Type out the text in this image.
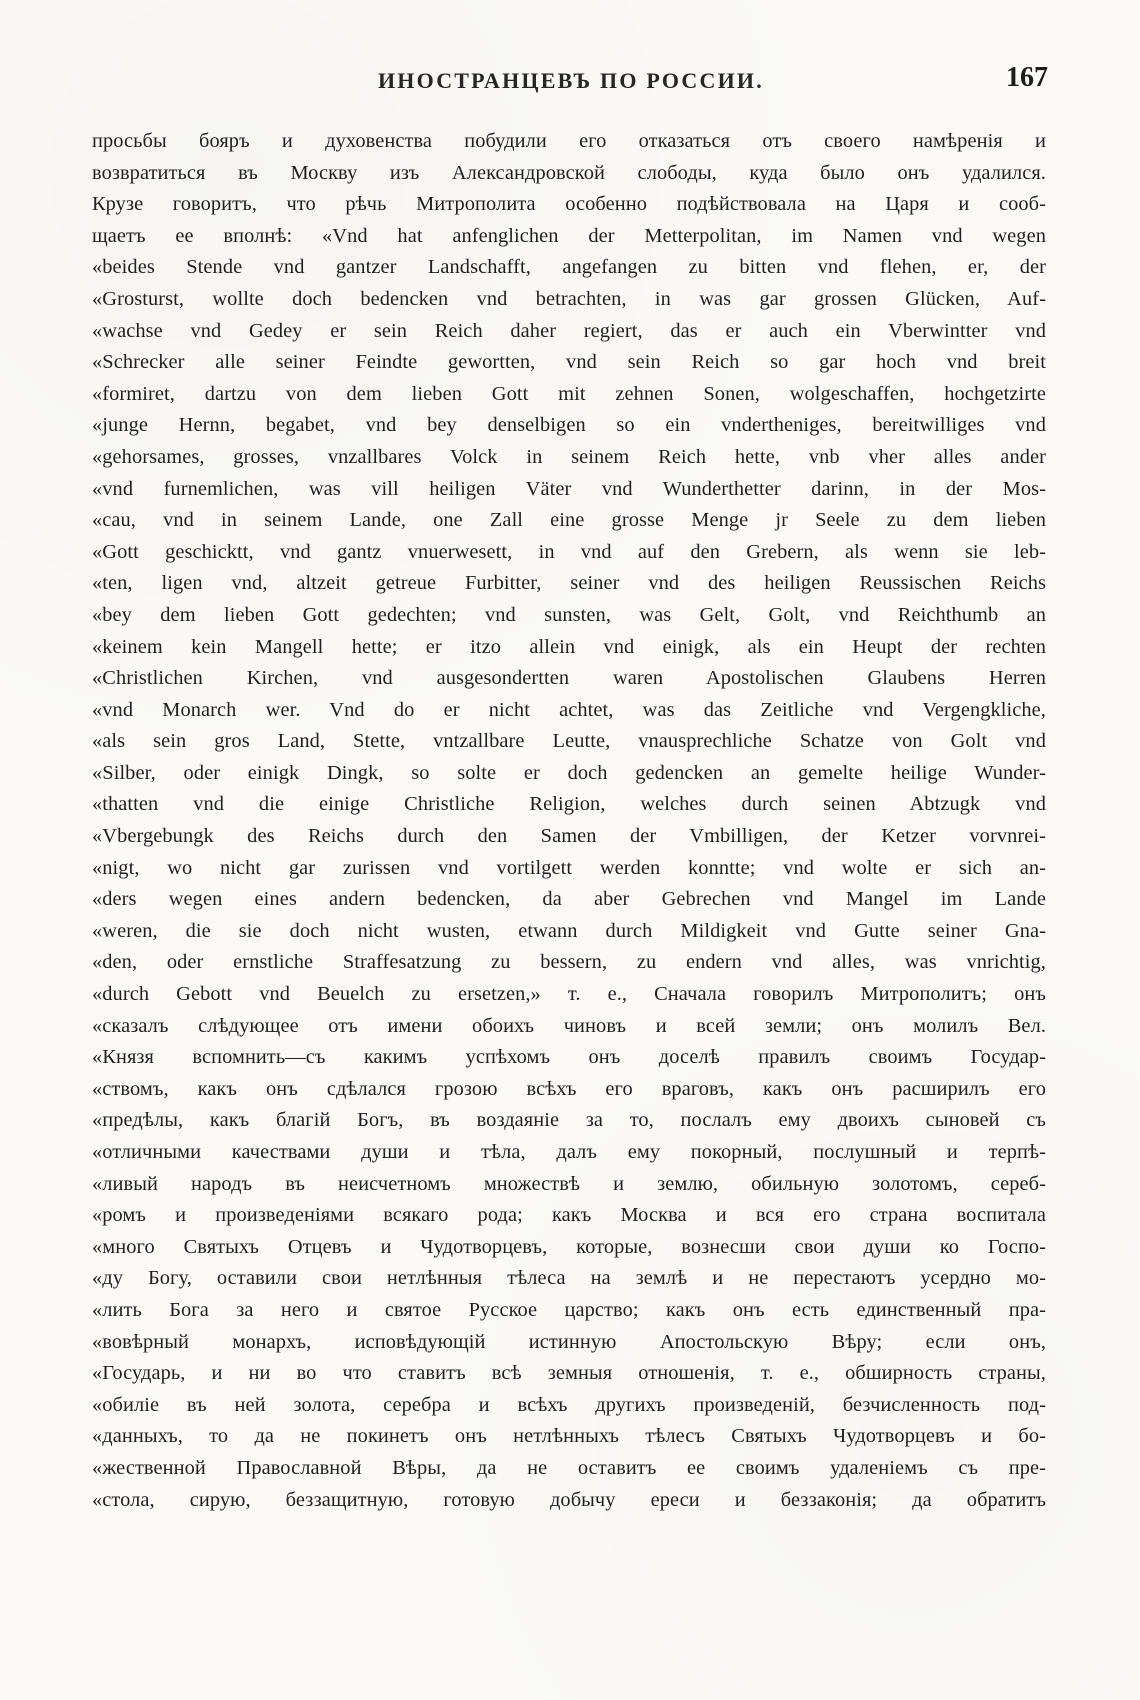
ИНОСТРАНЦЕВЪ ПО РОССИИ.	167
просьбы бояръ и духовенства побудили его отказаться отъ своего намѣренія и
возвратиться въ Москву изъ Александровской слободы, куда было онъ удалился.
Крузе говоритъ, что рѣчь Митрополита особенно подѣйствовала на Царя и сооб-
щаетъ ее вполнѣ: «Vnd hat anfenglichen der Metterpolitan, im Namen vnd wegen
«beides Stende vnd gantzer Landschafft, angefangen zu bitten vnd flehen, er, der
«Grosturst, wollte doch bedencken vnd betrachten, in was gar grossen Glücken, Auf-
«wachse vnd Gedey er sein Reich daher regiert, das er auch ein Vberwintter vnd
«Schrecker alle seiner Feindte gewortten, vnd sein Reich so gar hoch vnd breit
«formiret, dartzu von dem lieben Gott mit zehnen Sonen, wolgeschaffen, hochgetzirte
«junge Hernn, begabet, vnd bey denselbigen so ein vndertheniges, bereitwilliges vnd
«gehorsames, grosses, vnzallbares Volck in seinem Reich hette, vnb vher alles ander
«vnd furnemlichen, was vill heiligen Väter vnd Wunderthetter darinn, in der Mos-
«cau, vnd in seinem Lande, one Zall eine grosse Menge jr Seele zu dem lieben
«Gott geschicktt, vnd gantz vnuerwesett, in vnd auf den Grebern, als wenn sie leb-
«ten, ligen vnd, altzeit getreue Furbitter, seiner vnd des heiligen Reussischen Reichs
«bey dem lieben Gott gedechten; vnd sunsten, was Gelt, Golt, vnd Reichthumb an
«keinem kein Mangell hette; er itzo allein vnd einigk, als ein Heupt der rechten
«Christlichen Kirchen, vnd ausgesondertten waren Apostolischen Glaubens Herren
«vnd Monarch wer. Vnd do er nicht achtet, was das Zeitliche vnd Vergengkliche,
«als sein gros Land, Stette, vntzallbare Leutte, vnausprechliche Schatze von Golt vnd
«Silber, oder einigk Dingk, so solte er doch gedencken an gemelte heilige Wunder-
«thatten vnd die einige Christliche Religion, welches durch seinen Abtzugk vnd
«Vbergebungk des Reichs durch den Samen der Vmbilligen, der Ketzer vorvnrei-
«nigt, wo nicht gar zurissen vnd vortilgett werden konntte; vnd wolte er sich an-
«ders wegen eines andern bedencken, da aber Gebrechen vnd Mangel im Lande
«weren, die sie doch nicht wusten, etwann durch Mildigkeit vnd Gutte seiner Gna-
«den, oder ernstliche Straffesatzung zu bessern, zu endern vnd alles, was vnrichtig,
«durch Gebott vnd Beuelch zu ersetzen,» т. е., Сначала говорилъ Митрополитъ; онъ
«сказалъ слѣдующее отъ имени обоихъ чиновъ и всей земли; онъ молилъ Вел.
«Князя вспомнить—съ какимъ успѣхомъ онъ доселѣ правилъ своимъ Государ-
«ствомъ, какъ онъ сдѣлался грозою всѣхъ его враговъ, какъ онъ расширилъ его
«предѣлы, какъ благій Богъ, въ воздаяніе за то, послалъ ему двоихъ сыновей съ
«отличными качествами души и тѣла, далъ ему покорный, послушный и терпѣ-
«ливый народъ въ неисчетномъ множествѣ и землю, обильную золотомъ, сереб-
«ромъ и произведеніями всякаго рода; какъ Москва и вся его страна воспитала
«много Святыхъ Отцевъ и Чудотворцевъ, которые, вознесши свои души ко Госпо-
«ду Богу, оставили свои нетлѣнныя тѣлеса на землѣ и не перестаютъ усердно мо-
«лить Бога за него и святое Русское царство; какъ онъ есть единственный пра-
«вовѣрный монархъ, исповѣдующій истинную Апостольскую Вѣру; если онъ,
«Государь, и ни во что ставитъ всѣ земныя отношенія, т. е., обширность страны,
«обиліе въ ней золота, серебра и всѣхъ другихъ произведеній, безчисленность под-
«данныхъ, то да не покинетъ онъ нетлѣнныхъ тѣлесъ Святыхъ Чудотворцевъ и бо-
«жественной Православной Вѣры, да не оставитъ ее своимъ удаленіемъ съ пре-
«стола, сирую, беззащитную, готовую добычу ереси и беззаконія; да обратитъ
